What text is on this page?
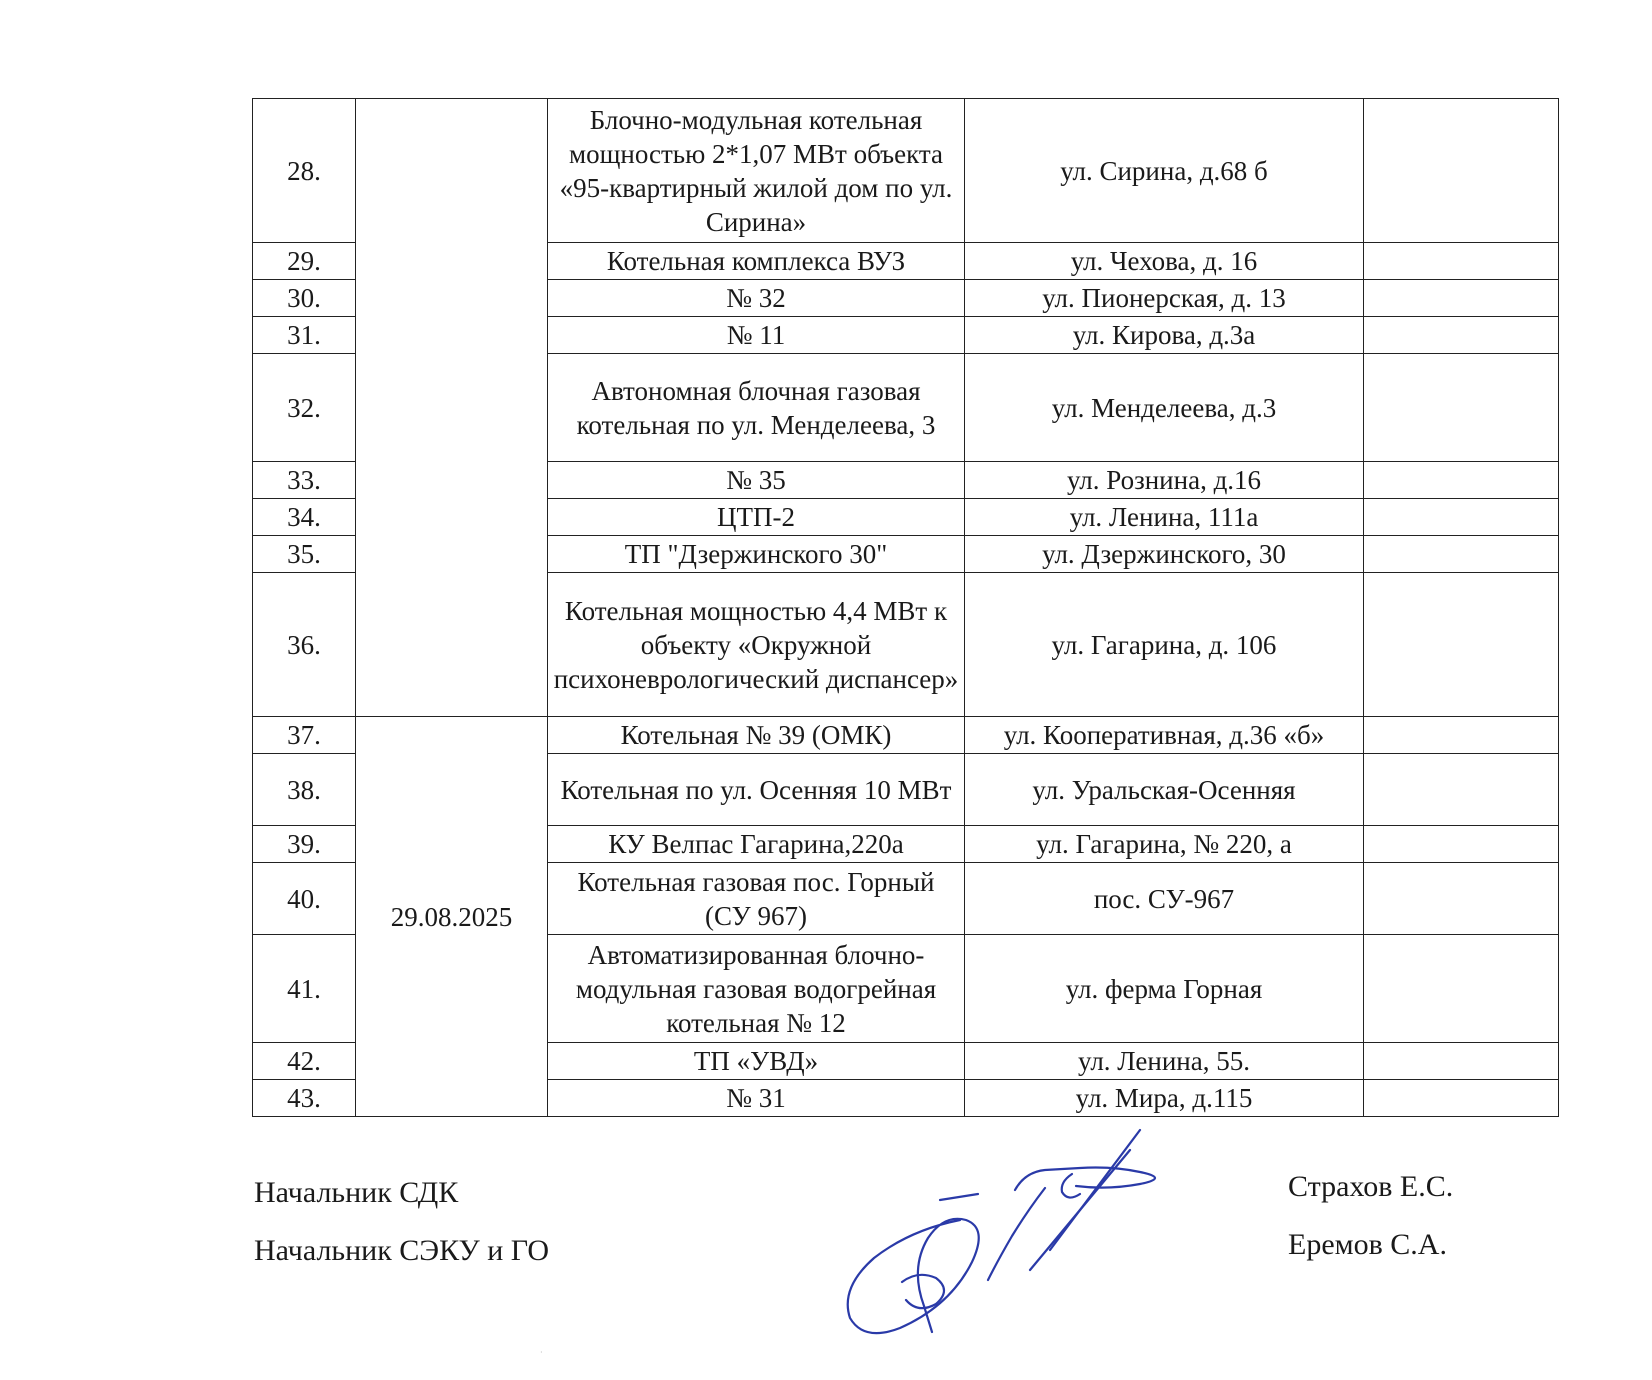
28.		Блочно-модульная котельная мощностью 2*1,07 МВт объекта «95-квартирный жилой дом по ул. Сирина»	ул. Сирина, д.68 б	
29.		Котельная комплекса ВУЗ	ул. Чехова, д. 16	
30.		№ 32	ул. Пионерская, д. 13	
31.		№ 11	ул. Кирова, д.3а	
32.		Автономная блочная газовая котельная по ул. Менделеева, 3	ул. Менделеева, д.3	
33.		№ 35	ул. Рознина, д.16	
34.		ЦТП-2	ул. Ленина, 111а	
35.		ТП "Дзержинского 30"	ул. Дзержинского, 30	
36.		Котельная мощностью 4,4 МВт к объекту «Окружной психоневрологический диспансер»	ул. Гагарина, д. 106	
37.	29.08.2025	Котельная № 39 (ОМК)	ул. Кооперативная, д.36 «б»	
38.		Котельная по ул. Осенняя 10 МВт	ул. Уральская-Осенняя	
39.		КУ Велпас Гагарина,220а	ул. Гагарина, № 220, а	
40.		Котельная газовая пос. Горный (СУ 967)	пос. СУ-967	
41.		Автоматизированная блочно-модульная газовая водогрейная котельная № 12	ул. ферма Горная	
42.		ТП «УВД»	ул. Ленина, 55.	
43.		№ 31	ул. Мира, д.115	
Начальник СДК
Начальник СЭКУ и ГО
Страхов Е.С.
Еремов С.А.
·
